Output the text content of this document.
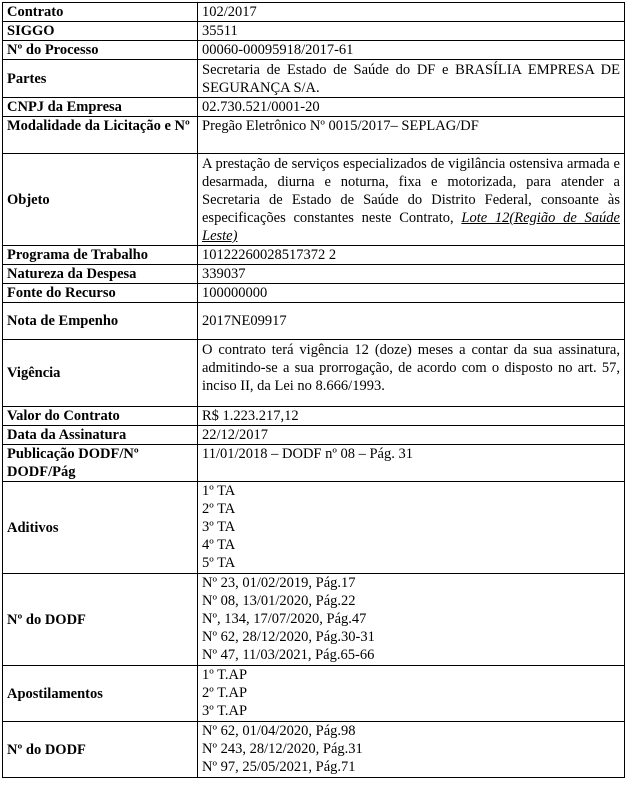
Contrato	102/2017
SIGGO	35511
Nº do Processo	00060-00095918/2017-61
Partes	Secretaria de Estado de Saúde do DF e BRASÍLIA EMPRESA DE SEGURANÇA S/A.
CNPJ da Empresa	02.730.521/0001-20
Modalidade da Licitação e Nº	Pregão Eletrônico Nº 0015/2017– SEPLAG/DF
Objeto	A prestação de serviços especializados de vigilância ostensiva armada e desarmada, diurna e noturna, fixa e motorizada, para atender a Secretaria de Estado de Saúde do Distrito Federal, consoante às especificações constantes neste Contrato, Lote 12(Região de Saúde Leste)
Programa de Trabalho	10122260028517372 2
Natureza da Despesa	339037
Fonte do Recurso	100000000
Nota de Empenho	2017NE09917
Vigência	O contrato terá vigência 12 (doze) meses a contar da sua assinatura, admitindo-se a sua prorrogação, de acordo com o disposto no art. 57, inciso II, da Lei no 8.666/1993.
Valor do Contrato	R$ 1.223.217,12
Data da Assinatura	22/12/2017
Publicação DODF/Nº DODF/Pág	11/01/2018 – DODF nº 08 – Pág. 31
Aditivos	1º TA
2º TA
3º TA
4º TA
5º TA

Nº do DODF	Nº 23, 01/02/2019, Pág.17
Nº 08, 13/01/2020, Pág.22
Nº, 134, 17/07/2020, Pág.47
Nº 62, 28/12/2020, Pág.30-31
Nº 47, 11/03/2021, Pág.65-66

Apostilamentos	1º T.AP
2º T.AP
3º T.AP

Nº do DODF	Nº 62, 01/04/2020, Pág.98
Nº 243, 28/12/2020, Pág.31
Nº 97, 25/05/2021, Pág.71
